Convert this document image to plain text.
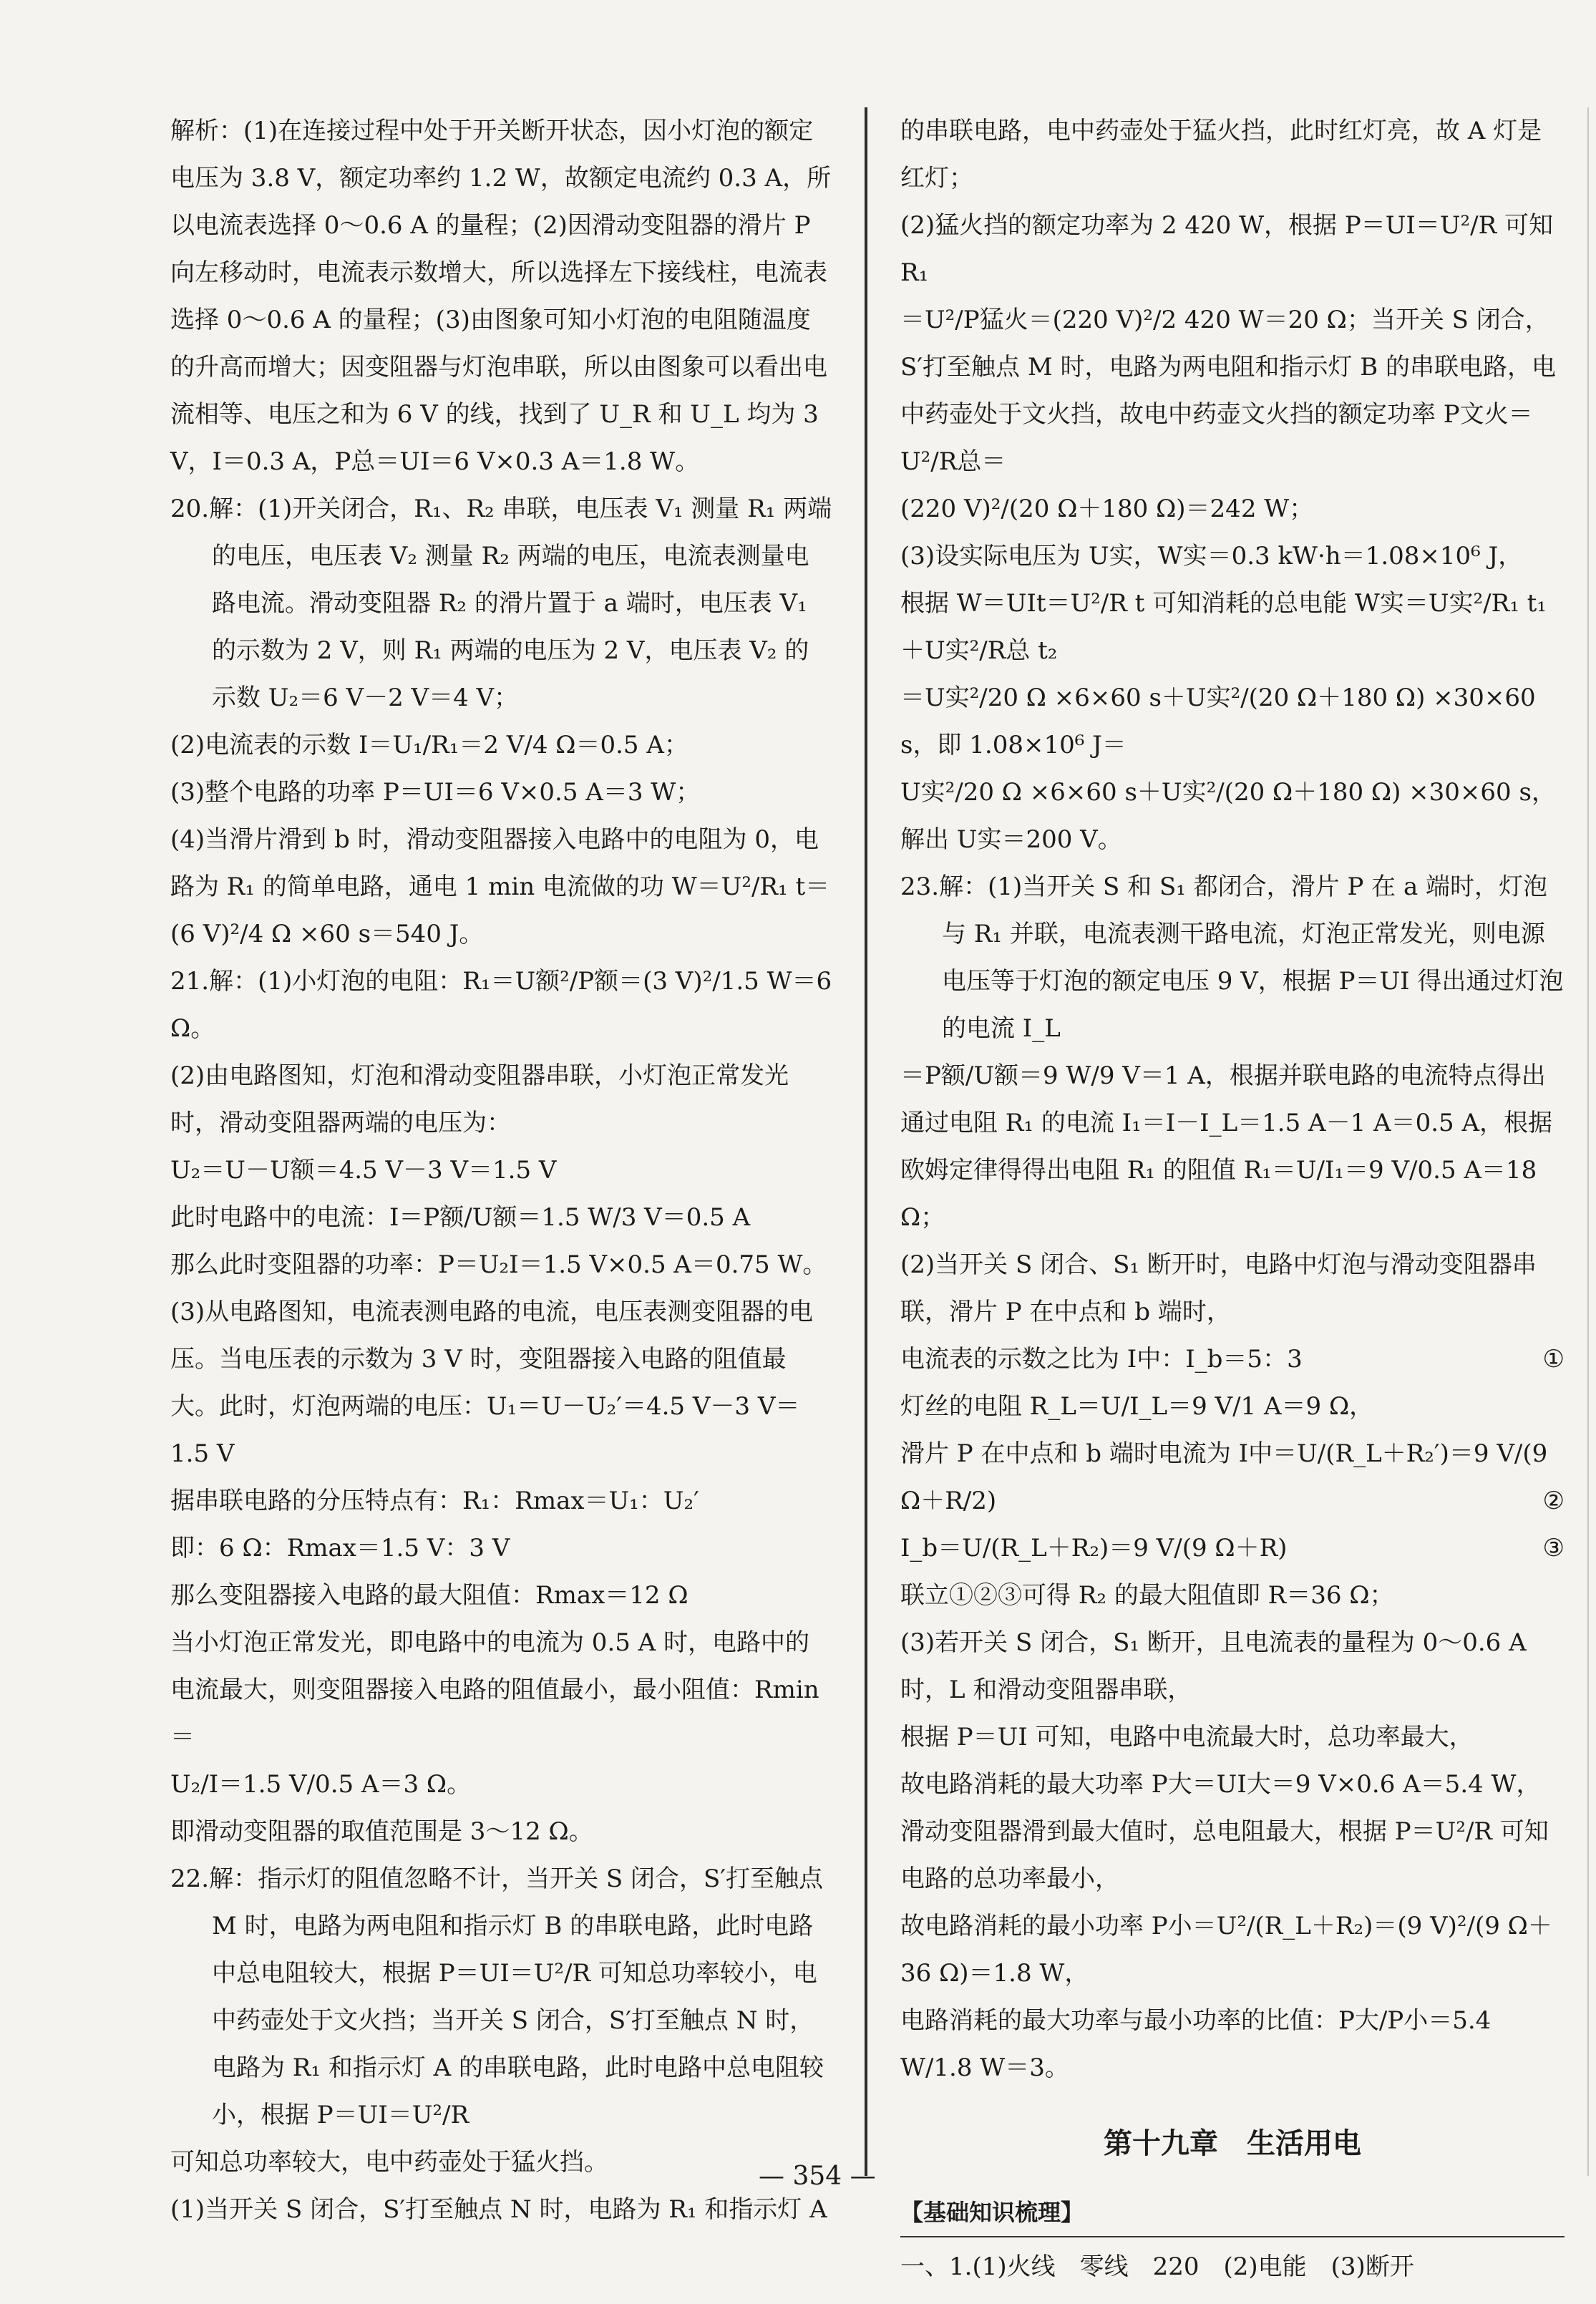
解析：(1)在连接过程中处于开关断开状态，因小灯泡的额定电压为 3.8 V，额定功率约 1.2 W，故额定电流约 0.3 A，所以电流表选择 0～0.6 A 的量程；(2)因滑动变阻器的滑片 P 向左移动时，电流表示数增大，所以选择左下接线柱，电流表选择 0～0.6 A 的量程；(3)由图象可知小灯泡的电阻随温度的升高而增大；因变阻器与灯泡串联，所以由图象可以看出电流相等、电压之和为 6 V 的线，找到了 U_R 和 U_L 均为 3 V，I＝0.3 A，P总＝UI＝6 V×0.3 A＝1.8 W。

20.解：(1)开关闭合，R₁、R₂ 串联，电压表 V₁ 测量 R₁ 两端的电压，电压表 V₂ 测量 R₂ 两端的电压，电流表测量电路电流。滑动变阻器 R₂ 的滑片置于 a 端时，电压表 V₁ 的示数为 2 V，则 R₁ 两端的电压为 2 V，电压表 V₂ 的示数 U₂＝6 V－2 V＝4 V；

(2)电流表的示数 I＝U₁/R₁＝2 V/4 Ω＝0.5 A；

(3)整个电路的功率 P＝UI＝6 V×0.5 A＝3 W；

(4)当滑片滑到 b 时，滑动变阻器接入电路中的电阻为 0，电路为 R₁ 的简单电路，通电 1 min 电流做的功 W＝U²/R₁ t＝

(6 V)²/4 Ω ×60 s＝540 J。

21.解：(1)小灯泡的电阻：R₁＝U额²/P额＝(3 V)²/1.5 W＝6 Ω。

(2)由电路图知，灯泡和滑动变阻器串联，小灯泡正常发光时，滑动变阻器两端的电压为：

U₂＝U－U额＝4.5 V－3 V＝1.5 V

此时电路中的电流：I＝P额/U额＝1.5 W/3 V＝0.5 A

那么此时变阻器的功率：P＝U₂I＝1.5 V×0.5 A＝0.75 W。

(3)从电路图知，电流表测电路的电流，电压表测变阻器的电压。当电压表的示数为 3 V 时，变阻器接入电路的阻值最大。此时，灯泡两端的电压：U₁＝U－U₂′＝4.5 V－3 V＝1.5 V

据串联电路的分压特点有：R₁：Rmax＝U₁：U₂′

即：6 Ω：Rmax＝1.5 V：3 V

那么变阻器接入电路的最大阻值：Rmax＝12 Ω

当小灯泡正常发光，即电路中的电流为 0.5 A 时，电路中的电流最大，则变阻器接入电路的阻值最小，最小阻值：Rmin＝

U₂/I＝1.5 V/0.5 A＝3 Ω。

即滑动变阻器的取值范围是 3～12 Ω。

22.解：指示灯的阻值忽略不计，当开关 S 闭合，S′打至触点 M 时，电路为两电阻和指示灯 B 的串联电路，此时电路中总电阻较大，根据 P＝UI＝U²/R 可知总功率较小，电中药壶处于文火挡；当开关 S 闭合，S′打至触点 N 时，电路为 R₁ 和指示灯 A 的串联电路，此时电路中总电阻较小，根据 P＝UI＝U²/R

可知总功率较大，电中药壶处于猛火挡。

(1)当开关 S 闭合，S′打至触点 N 时，电路为 R₁ 和指示灯 A

的串联电路，电中药壶处于猛火挡，此时红灯亮，故 A 灯是红灯；

(2)猛火挡的额定功率为 2 420 W，根据 P＝UI＝U²/R 可知 R₁

＝U²/P猛火＝(220 V)²/2 420 W＝20 Ω；当开关 S 闭合，S′打至触点 M 时，电路为两电阻和指示灯 B 的串联电路，电中药壶处于文火挡，故电中药壶文火挡的额定功率 P文火＝U²/R总＝

(220 V)²/(20 Ω＋180 Ω)＝242 W；

(3)设实际电压为 U实，W实＝0.3 kW·h＝1.08×10⁶ J，

根据 W＝UIt＝U²/R t 可知消耗的总电能 W实＝U实²/R₁ t₁＋U实²/R总 t₂

＝U实²/20 Ω ×6×60 s＋U实²/(20 Ω＋180 Ω) ×30×60 s，即 1.08×10⁶ J＝

U实²/20 Ω ×6×60 s＋U实²/(20 Ω＋180 Ω) ×30×60 s，解出 U实＝200 V。

23.解：(1)当开关 S 和 S₁ 都闭合，滑片 P 在 a 端时，灯泡与 R₁ 并联，电流表测干路电流，灯泡正常发光，则电源电压等于灯泡的额定电压 9 V，根据 P＝UI 得出通过灯泡的电流 I_L

＝P额/U额＝9 W/9 V＝1 A，根据并联电路的电流特点得出通过电阻 R₁ 的电流 I₁＝I－I_L＝1.5 A－1 A＝0.5 A，根据欧姆定律得得出电阻 R₁ 的阻值 R₁＝U/I₁＝9 V/0.5 A＝18 Ω；

(2)当开关 S 闭合、S₁ 断开时，电路中灯泡与滑动变阻器串联，滑片 P 在中点和 b 端时，

电流表的示数之比为 I中：I_b＝5：3	①

灯丝的电阻 R_L＝U/I_L＝9 V/1 A＝9 Ω，

滑片 P 在中点和 b 端时电流为 I中＝U/(R_L＋R₂′)＝9 V/(9 Ω＋R/2)	②

I_b＝U/(R_L＋R₂)＝9 V/(9 Ω＋R)	③

联立①②③可得 R₂ 的最大阻值即 R＝36 Ω；

(3)若开关 S 闭合，S₁ 断开，且电流表的量程为 0～0.6 A 时，L 和滑动变阻器串联，

根据 P＝UI 可知，电路中电流最大时，总功率最大，

故电路消耗的最大功率 P大＝UI大＝9 V×0.6 A＝5.4 W，

滑动变阻器滑到最大值时，总电阻最大，根据 P＝U²/R 可知电路的总功率最小，

故电路消耗的最小功率 P小＝U²/(R_L＋R₂)＝(9 V)²/(9 Ω＋36 Ω)＝1.8 W，

电路消耗的最大功率与最小功率的比值：P大/P小＝5.4 W/1.8 W＝3。

第十九章　生活用电
【基础知识梳理】

一、1.(1)火线　零线　220　(2)电能　(3)断开

— 354 —
